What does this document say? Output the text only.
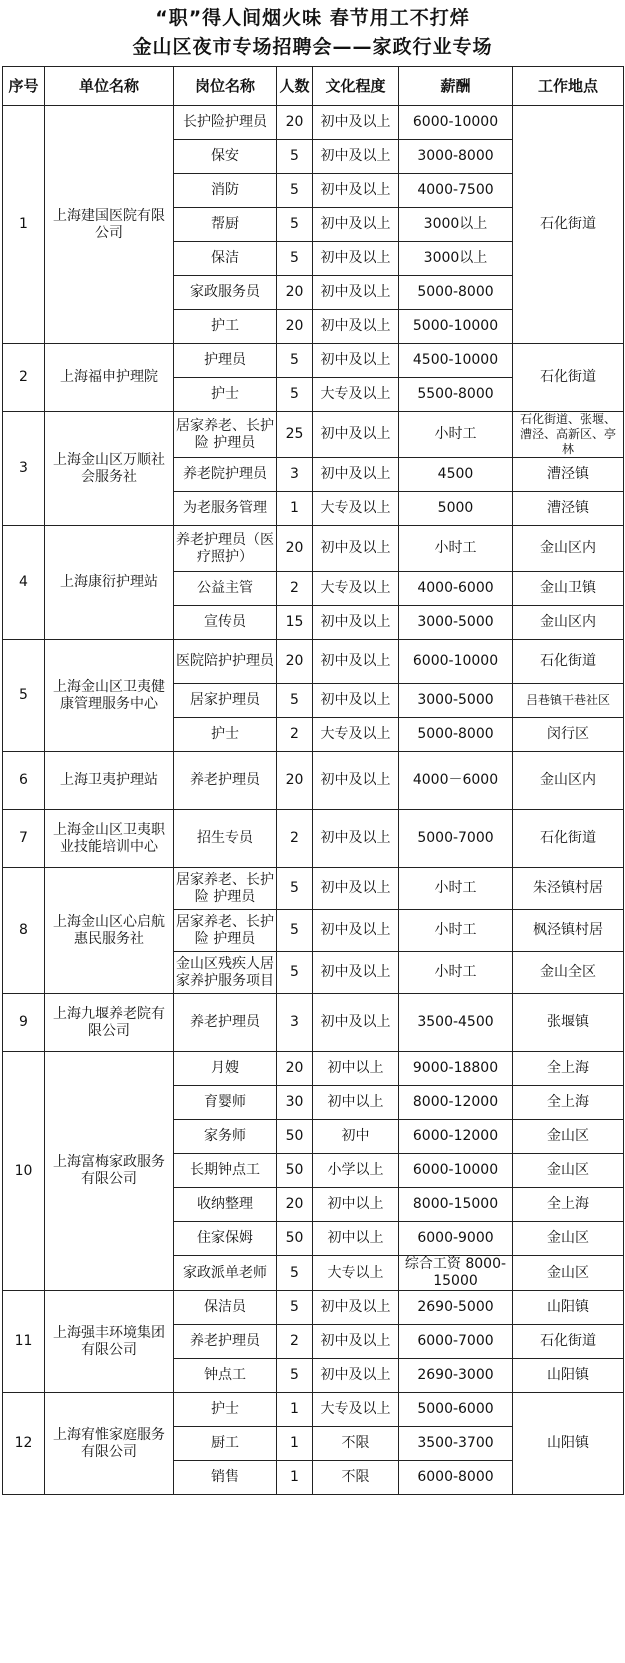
“职”得人间烟火味 春节用工不打烊
金山区夜市专场招聘会——家政行业专场
序号	单位名称	岗位名称	人数	文化程度	薪酬	工作地点
1	上海建国医院有限公司	长护险护理员	20	初中及以上	6000-10000	石化街道
		保安	5	初中及以上	3000-8000	
		消防	5	初中及以上	4000-7500	
		帮厨	5	初中及以上	3000以上	
		保洁	5	初中及以上	3000以上	
		家政服务员	20	初中及以上	5000-8000	
		护工	20	初中及以上	5000-10000	
2	上海福申护理院	护理员	5	初中及以上	4500-10000	石化街道
		护士	5	大专及以上	5500-8000	
3	上海金山区万顺社会服务社	居家养老、长护险 护理员	25	初中及以上	小时工	石化街道、张堰、漕泾、高新区、亭林
		养老院护理员	3	初中及以上	4500	漕泾镇
		为老服务管理	1	大专及以上	5000	漕泾镇
4	上海康衍护理站	养老护理员（医疗照护）	20	初中及以上	小时工	金山区内
		公益主管	2	大专及以上	4000-6000	金山卫镇
		宣传员	15	初中及以上	3000-5000	金山区内
5	上海金山区卫夷健康管理服务中心	医院陪护护理员	20	初中及以上	6000-10000	石化街道
		居家护理员	5	初中及以上	3000-5000	吕巷镇干巷社区
		护士	2	大专及以上	5000-8000	闵行区
6	上海卫夷护理站	养老护理员	20	初中及以上	4000－6000	金山区内
7	上海金山区卫夷职业技能培训中心	招生专员	2	初中及以上	5000-7000	石化街道
8	上海金山区心启航惠民服务社	居家养老、长护险 护理员	5	初中及以上	小时工	朱泾镇村居
		居家养老、长护险 护理员	5	初中及以上	小时工	枫泾镇村居
		金山区残疾人居家养护服务项目	5	初中及以上	小时工	金山全区
9	上海九堰养老院有限公司	养老护理员	3	初中及以上	3500-4500	张堰镇
10	上海富梅家政服务有限公司	月嫂	20	初中以上	9000-18800	全上海
		育婴师	30	初中以上	8000-12000	全上海
		家务师	50	初中	6000-12000	金山区
		长期钟点工	50	小学以上	6000-10000	金山区
		收纳整理	20	初中以上	8000-15000	全上海
		住家保姆	50	初中以上	6000-9000	金山区
		家政派单老师	5	大专以上	综合工资 8000-15000	金山区
11	上海强丰环境集团有限公司	保洁员	5	初中及以上	2690-5000	山阳镇
		养老护理员	2	初中及以上	6000-7000	石化街道
		钟点工	5	初中及以上	2690-3000	山阳镇
12	上海宥惟家庭服务有限公司	护士	1	大专及以上	5000-6000	山阳镇
		厨工	1	不限	3500-3700	
		销售	1	不限	6000-8000	
